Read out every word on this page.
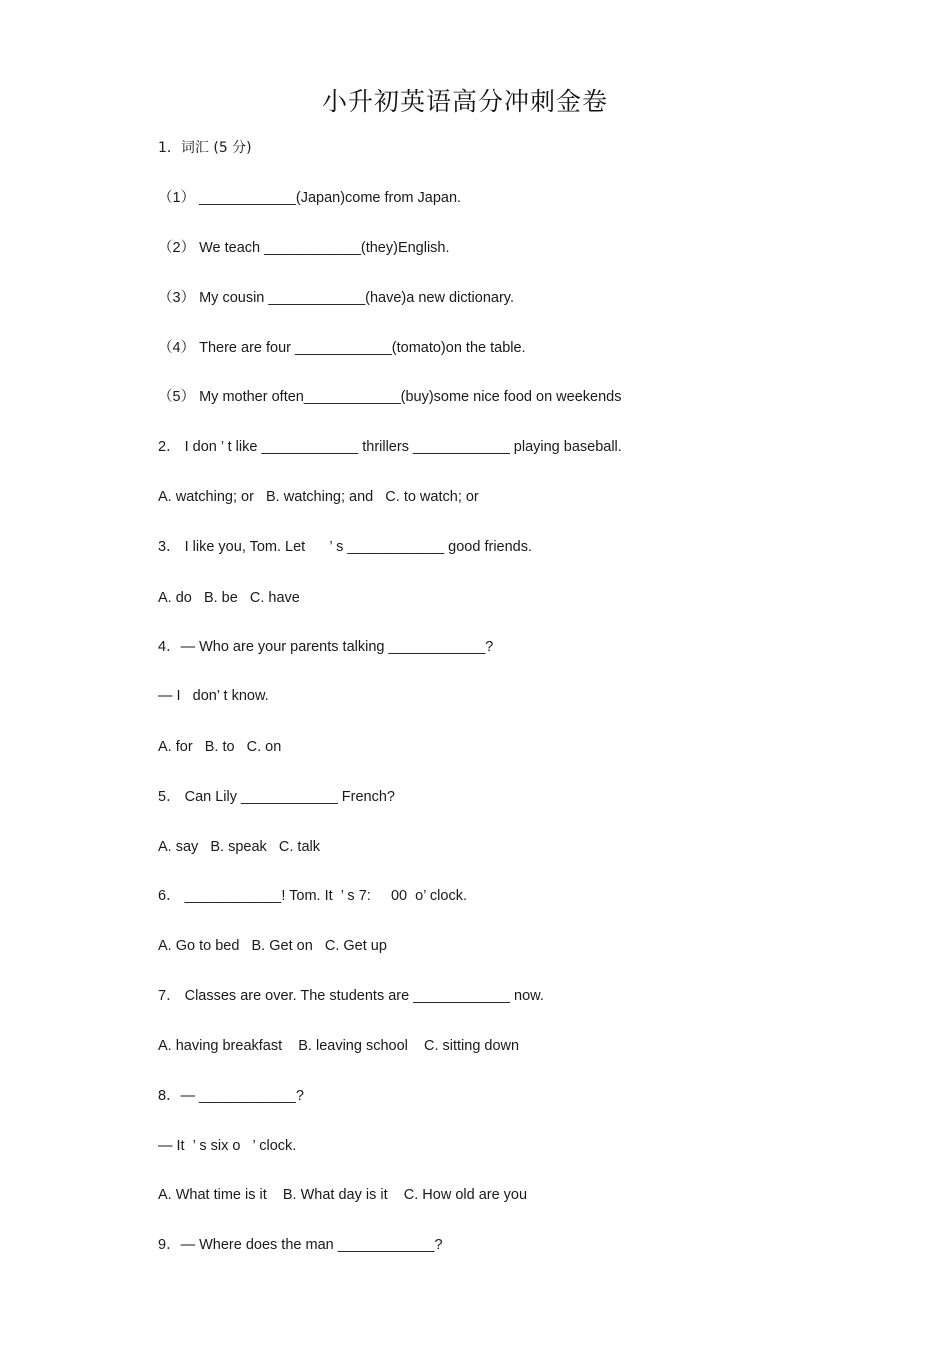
小升初英语高分冲刺金卷
1．词汇 (5 分)
（1） ____________(Japan)come from Japan.
（2） We teach ____________(they)English.
（3） My cousin ____________(have)a new dictionary.
（4） There are four ____________(tomato)on the table.
（5） My mother often____________(buy)some nice food on weekends
2． I don ’ t like ____________ thrillers ____________ playing baseball.
A. watching; or   B. watching; and   C. to watch; or
3． I like you, Tom. Let      ’ s ____________ good friends.
A. do   B. be   C. have
4．— Who are your parents talking ____________?
— I   don’ t know.
A. for   B. to   C. on
5． Can Lily ____________ French?
A. say   B. speak   C. talk
6． ____________! Tom. It  ’ s 7:     00  o’ clock.
A. Go to bed   B. Get on   C. Get up
7． Classes are over. The students are ____________ now.
A. having breakfast    B. leaving school    C. sitting down
8．— ____________?
— It  ’ s six o   ’ clock.
A. What time is it    B. What day is it    C. How old are you
9．— Where does the man ____________?
